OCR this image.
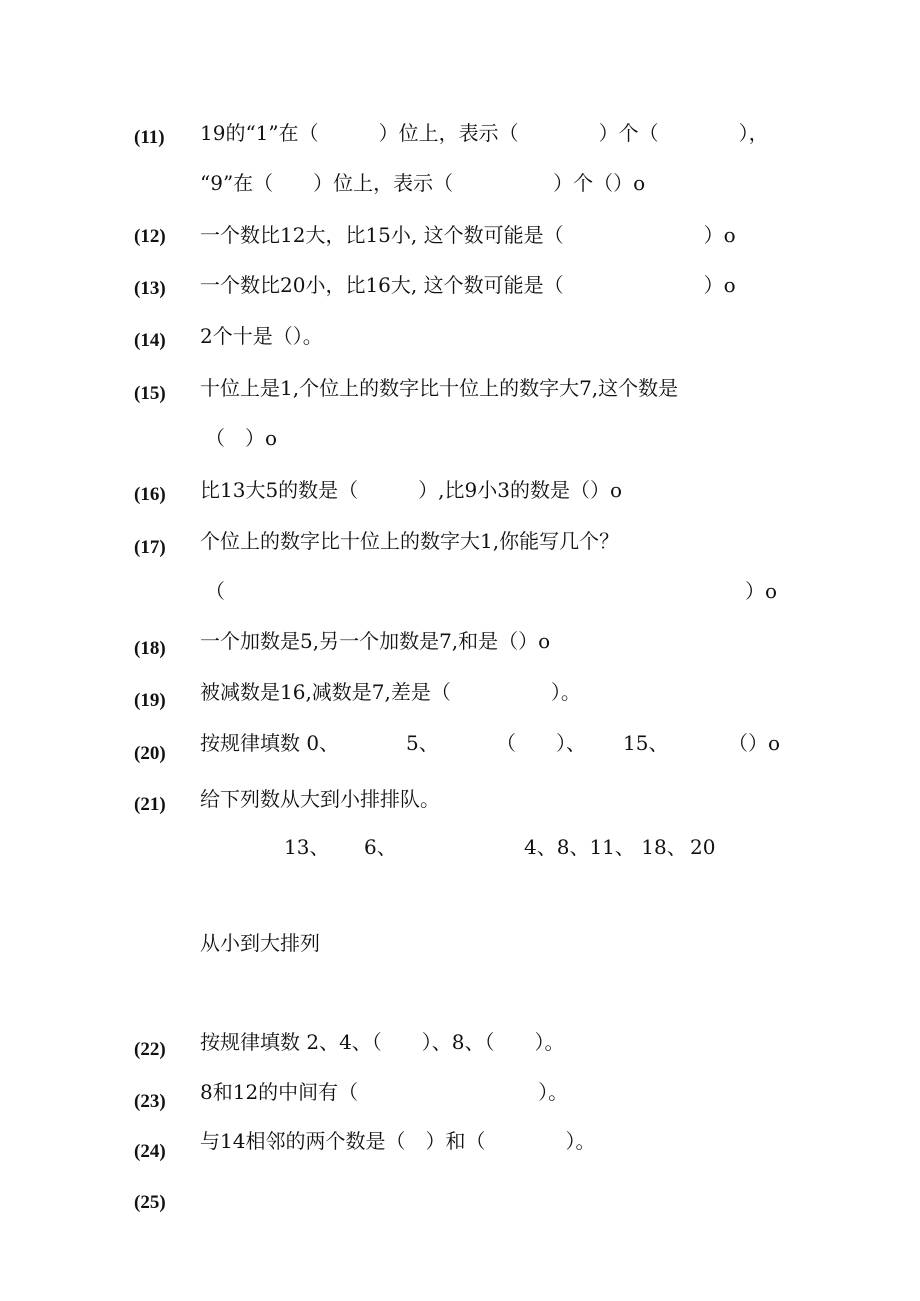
(11) 19的“1”在（　　　）位上，表示（　　　　）个（　　　　），
“9”在（　　）位上，表示（　　　　　）个（）o
(12) 一个数比12大，比15小, 这个数可能是（　　　　　　　）o
(13) 一个数比20小，比16大, 这个数可能是（　　　　　　　）o
(14) 2个十是（）。
(15) 十位上是1,个位上的数字比十位上的数字大7,这个数是
（　）o
(16) 比13大5的数是（　　　）,比9小3的数是（）o
(17) 个位上的数字比十位上的数字大1,你能写几个？
（　　　　　　　　　　　　　　　　　　　　　　　　　　）o
(18) 一个加数是5,另一个加数是7,和是（）o
(19) 被减数是16,减数是7,差是（　　　　　）。
(20) 按规律填数 0、	5、	（　　）、 15、	（）o
(21) 给下列数从大到小排排队。
13、 6、	4、8、11、 18、 20
从小到大排列
(22) 按规律填数 2、4、（　　）、8、（　　）。
(23) 8和12的中间有（　　　　　　　　　）。
(24) 与14相邻的两个数是（　）和（　　　　）。
(25)
